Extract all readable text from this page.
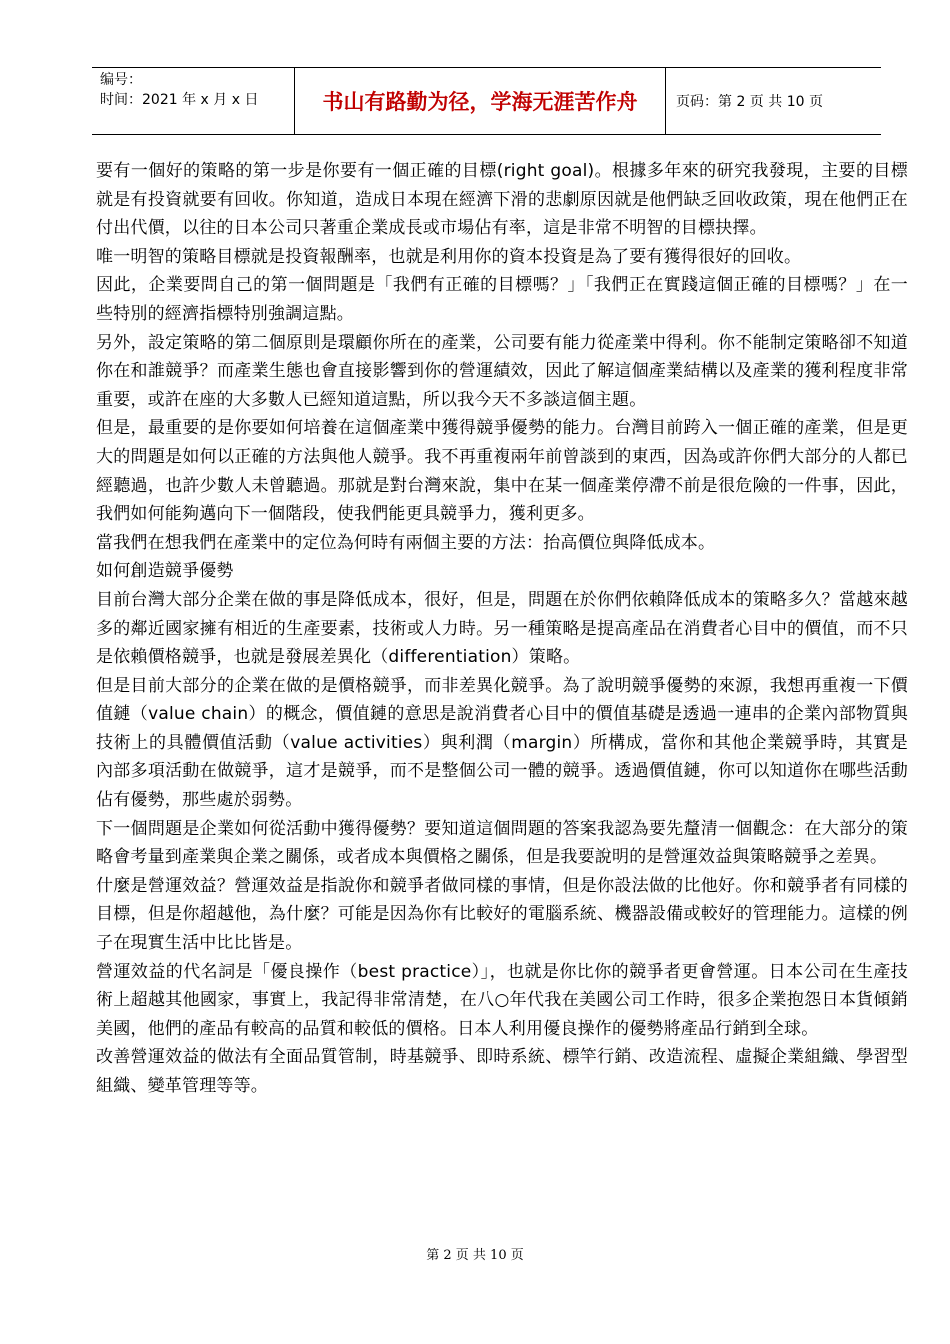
编号：
时间：2021 年 x 月 x 日	书山有路勤为径，学海无涯苦作舟	页码：第 2 页 共 10 页

要有一個好的策略的第一步是你要有一個正確的目標(right goal)。根據多年來的研究我發現，主要的目標就是有投資就要有回收。你知道，造成日本現在經濟下滑的悲劇原因就是他們缺乏回收政策，現在他們正在付出代價，以往的日本公司只著重企業成長或市場佔有率，這是非常不明智的目標抉擇。

唯一明智的策略目標就是投資報酬率，也就是利用你的資本投資是為了要有獲得很好的回收。

因此，企業要問自己的第一個問題是「我們有正確的目標嗎？」「我們正在實踐這個正確的目標嗎？」在一些特別的經濟指標特別強調這點。

另外，設定策略的第二個原則是環顧你所在的產業，公司要有能力從產業中得利。你不能制定策略卻不知道你在和誰競爭？而產業生態也會直接影響到你的營運績效，因此了解這個產業結構以及產業的獲利程度非常重要，或許在座的大多數人已經知道這點，所以我今天不多談這個主題。

但是，最重要的是你要如何培養在這個產業中獲得競爭優勢的能力。台灣目前跨入一個正確的產業，但是更大的問題是如何以正確的方法與他人競爭。我不再重複兩年前曾談到的東西，因為或許你們大部分的人都已經聽過，也許少數人未曾聽過。那就是對台灣來說，集中在某一個產業停滯不前是很危險的一件事，因此，我們如何能夠邁向下一個階段，使我們能更具競爭力，獲利更多。

當我們在想我們在產業中的定位為何時有兩個主要的方法：抬高價位與降低成本。

如何創造競爭優勢

目前台灣大部分企業在做的事是降低成本，很好，但是，問題在於你們依賴降低成本的策略多久？當越來越多的鄰近國家擁有相近的生產要素，技術或人力時。另一種策略是提高產品在消費者心目中的價值，而不只是依賴價格競爭，也就是發展差異化（differentiation）策略。

但是目前大部分的企業在做的是價格競爭，而非差異化競爭。為了說明競爭優勢的來源，我想再重複一下價值鏈（value chain）的概念，價值鏈的意思是說消費者心目中的價值基礎是透過一連串的企業內部物質與技術上的具體價值活動（value activities）與利潤（margin）所構成，當你和其他企業競爭時，其實是內部多項活動在做競爭，這才是競爭，而不是整個公司一體的競爭。透過價值鏈，你可以知道你在哪些活動佔有優勢，那些處於弱勢。

下一個問題是企業如何從活動中獲得優勢？要知道這個問題的答案我認為要先釐清一個觀念：在大部分的策略會考量到產業與企業之關係，或者成本與價格之關係，但是我要說明的是營運效益與策略競爭之差異。

什麼是營運效益？營運效益是指說你和競爭者做同樣的事情，但是你設法做的比他好。你和競爭者有同樣的目標，但是你超越他，為什麼？可能是因為你有比較好的電腦系統、機器設備或較好的管理能力。這樣的例子在現實生活中比比皆是。

營運效益的代名詞是「優良操作（best practice）」，也就是你比你的競爭者更會營運。日本公司在生產技術上超越其他國家，事實上，我記得非常清楚，在八○年代我在美國公司工作時，很多企業抱怨日本貨傾銷美國，他們的產品有較高的品質和較低的價格。日本人利用優良操作的優勢將產品行銷到全球。

改善營運效益的做法有全面品質管制，時基競爭、即時系統、標竿行銷、改造流程、虛擬企業組織、學習型組織、變革管理等等。

第 2 页 共 10 页
